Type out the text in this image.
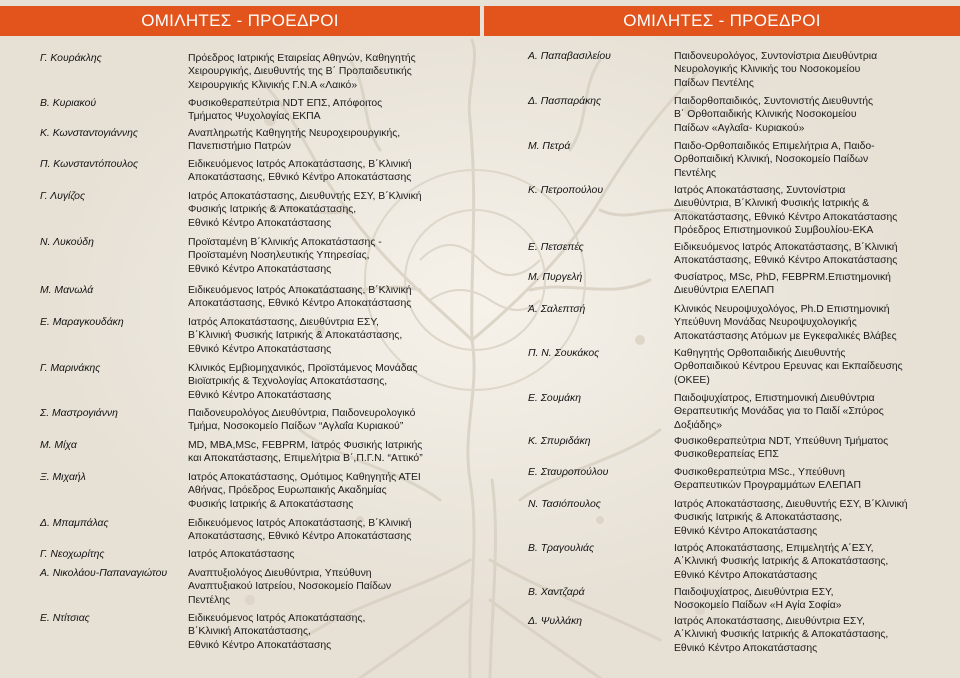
ΟΜΙΛΗΤΕΣ - ΠΡΟΕΔΡΟΙ	ΟΜΙΛΗΤΕΣ - ΠΡΟΕΔΡΟΙ
Γ. Κουράκλης	Πρόεδρος Ιατρικής Εταιρείας Αθηνών, Καθηγητής
Χειρουργικής, Διευθυντής της Β΄ Προπαιδευτικής
Χειρουργικής Κλινικής Γ.Ν.Α «Λαικό»
Β. Κυριακού	Φυσικοθεραπεύτρια NDT ΕΠΣ, Απόφοιτος
Τμήματος Ψυχολογίας ΕΚΠΑ
Κ. Κωνσταντογιάννης	Αναπληρωτής Καθηγητής Νευροχειρουργικής,
Πανεπιστήμιο Πατρών
Π. Κωνσταντόπουλος	Ειδικευόμενος Ιατρός Αποκατάστασης, Β΄Κλινική
Αποκατάστασης, Εθνικό Κέντρο Αποκατάστασης
Γ. Λυγίζος	Ιατρός Αποκατάστασης, Διευθυντής ΕΣΥ, Β΄Κλινική
Φυσικής Ιατρικής & Αποκατάστασης,
Εθνικό Κέντρο Αποκατάστασης
Ν. Λυκούδη	Προϊσταμένη Β΄Κλινικής Αποκατάστασης -
Προϊσταμένη Νοσηλευτικής Υπηρεσίας,
Εθνικό Κέντρο Αποκατάστασης
Μ. Μανωλά	Ειδικευόμενος Ιατρός Αποκατάστασης, Β΄Κλινική
Αποκατάστασης, Εθνικό Κέντρο Αποκατάστασης
Ε. Μαραγκουδάκη	Ιατρός Αποκατάστασης, Διευθύντρια ΕΣΥ,
Β΄Κλινική Φυσικής Ιατρικής & Αποκατάστασης,
Εθνικό Κέντρο Αποκατάστασης
Γ. Μαρινάκης	Κλινικός Εμβιομηχανικός, Προϊστάμενος Μονάδας
Βιοϊατρικής & Τεχνολογίας Αποκατάστασης,
Εθνικό Κέντρο Αποκατάστασης
Σ. Μαστρογιάννη	Παιδονευρολόγος Διευθύντρια, Παιδονευρολογικό
Τμήμα, Νοσοκομείο Παίδων “Αγλαΐα Κυριακού”
Μ. Μίχα	MD, MBA,MSc, FEBPRM, Ιατρός Φυσικής Ιατρικής
και Αποκατάστασης, Επιμελήτρια Β΄,Π.Γ.Ν. “Αττικό”
Ξ. Μιχαήλ	Ιατρός Αποκατάστασης, Ομότιμος Καθηγητής ΑΤΕΙ
Αθήνας, Πρόεδρος Ευρωπαικής Ακαδημίας
Φυσικής Ιατρικής & Αποκατάστασης
Δ. Μπαμπάλας	Ειδικευόμενος Ιατρός Αποκατάστασης, Β΄Κλινική
Αποκατάστασης, Εθνικό Κέντρο Αποκατάστασης
Γ. Νεοχωρίτης	Ιατρός Αποκατάστασης
Α. Νικολάου-Παπαναγιώτου	Αναπτυξιολόγος Διευθύντρια, Υπεύθυνη
Αναπτυξιακού Ιατρείου, Νοσοκομείο Παίδων
Πεντέλης
Ε. Ντίτσιας	Ειδικευόμενος Ιατρός Αποκατάστασης,
Β΄Κλινική Αποκατάστασης,
Εθνικό Κέντρο Αποκατάστασης
Α. Παπαβασιλείου	Παιδονευρολόγος, Συντονίστρια Διευθύντρια
Νευρολογικής Κλινικής του Νοσοκομείου
Παίδων Πεντέλης
Δ. Πασπαράκης	Παιδορθοπαιδικός, Συντονιστής Διευθυντής
Β΄ Ορθοπαιδικής Κλινικής Νοσοκομείου
Παίδων «Αγλαΐα- Κυριακού»
Μ. Πετρά	Παιδο-Ορθοπαιδικός Επιμελήτρια Α, Παιδο-
Ορθοπαιδική Κλινική, Νοσοκομείο Παίδων
Πεντέλης
Κ. Πετροπούλου	Ιατρός Αποκατάστασης, Συντονίστρια
Διευθύντρια, Β΄Κλινική Φυσικής Ιατρικής &
Αποκατάστασης, Εθνικό Κέντρο Αποκατάστασης
Πρόεδρος Επιστημονικού Συμβουλίου-ΕΚΑ
Ε. Πετσεπές	Ειδικευόμενος Ιατρός Αποκατάστασης, Β΄Κλινική
Αποκατάστασης, Εθνικό Κέντρο Αποκατάστασης
Μ. Πυργελή	Φυσίατρος, MSc, PhD, FEBPRM.Επιστημονική
Διευθύντρια ΕΛΕΠΑΠ
Ά. Σαλεπτσή	Κλινικός Νευροψυχολόγος, Ph.D Επιστημονική
Υπεύθυνη Μονάδας Νευροψυχολογικής
Αποκατάστασης Ατόμων με Εγκεφαλικές Βλάβες
Π. Ν. Σουκάκος	Καθηγητής Ορθοπαιδικής Διευθυντής
Ορθοπαιδικού Κέντρου Ερευνας και Εκπαίδευσης
(ΟΚΕΕ)
Ε. Σουμάκη	Παιδοψυχίατρος, Επιστημονική Διευθύντρια
Θεραπευτικής Μονάδας για το Παιδί «Σπύρος
Δοξιάδης»
Κ. Σπυριδάκη	Φυσικοθεραπεύτρια NDT, Υπεύθυνη Τμήματος
Φυσικοθεραπείας ΕΠΣ
Ε. Σταυροπούλου	Φυσικοθεραπεύτρια MSc., Υπεύθυνη
Θεραπευτικών Προγραμμάτων ΕΛΕΠΑΠ
Ν. Τασιόπουλος	Ιατρός Αποκατάστασης, Διευθυντής ΕΣΥ, Β΄Κλινική
Φυσικής Ιατρικής & Αποκατάστασης,
Εθνικό Κέντρο Αποκατάστασης
Β. Τραγουλιάς	Ιατρός Αποκατάστασης, Επιμελητής Α΄ΕΣΥ,
Α΄Κλινική Φυσικής Ιατρικής & Αποκατάστασης,
Εθνικό Κέντρο Αποκατάστασης
Β. Χαντζαρά	Παιδοψυχίατρος, Διευθύντρια ΕΣΥ,
Νοσοκομείο Παίδων «Η Αγία Σοφία»
Δ. Ψυλλάκη	Ιατρός Αποκατάστασης, Διευθύντρια ΕΣΥ,
Α΄Κλινική Φυσικής Ιατρικής & Αποκατάστασης,
Εθνικό Κέντρο Αποκατάστασης
